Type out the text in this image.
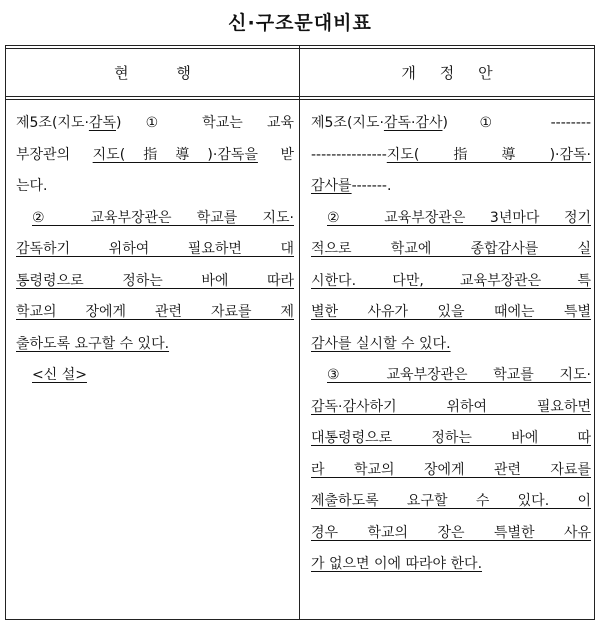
신·구조문대비표
현          행	개     정     안
제5조(지도·감독) ① 학교는 교육
부장관의 지도(指導)·감독을 받
는다.
② 교육부장관은 학교를 지도·
감독하기 위하여 필요하면 대
통령령으로 정하는 바에 따라
학교의 장에게 관련 자료를 제
출하도록 요구할 수 있다.
<신 설>
제5조(지도·감독·감사) ① --------
---------------지도(指導)·감독·
감사를-------.
② 교육부장관은 3년마다 정기
적으로 학교에 종합감사를 실
시한다. 다만, 교육부장관은 특
별한 사유가 있을 때에는 특별
감사를 실시할 수 있다.
③ 교육부장관은 학교를 지도·
감독·감사하기 위하여 필요하면
대통령령으로 정하는 바에 따
라 학교의 장에게 관련 자료를
제출하도록 요구할 수 있다. 이
경우 학교의 장은 특별한 사유
가 없으면 이에 따라야 한다.
